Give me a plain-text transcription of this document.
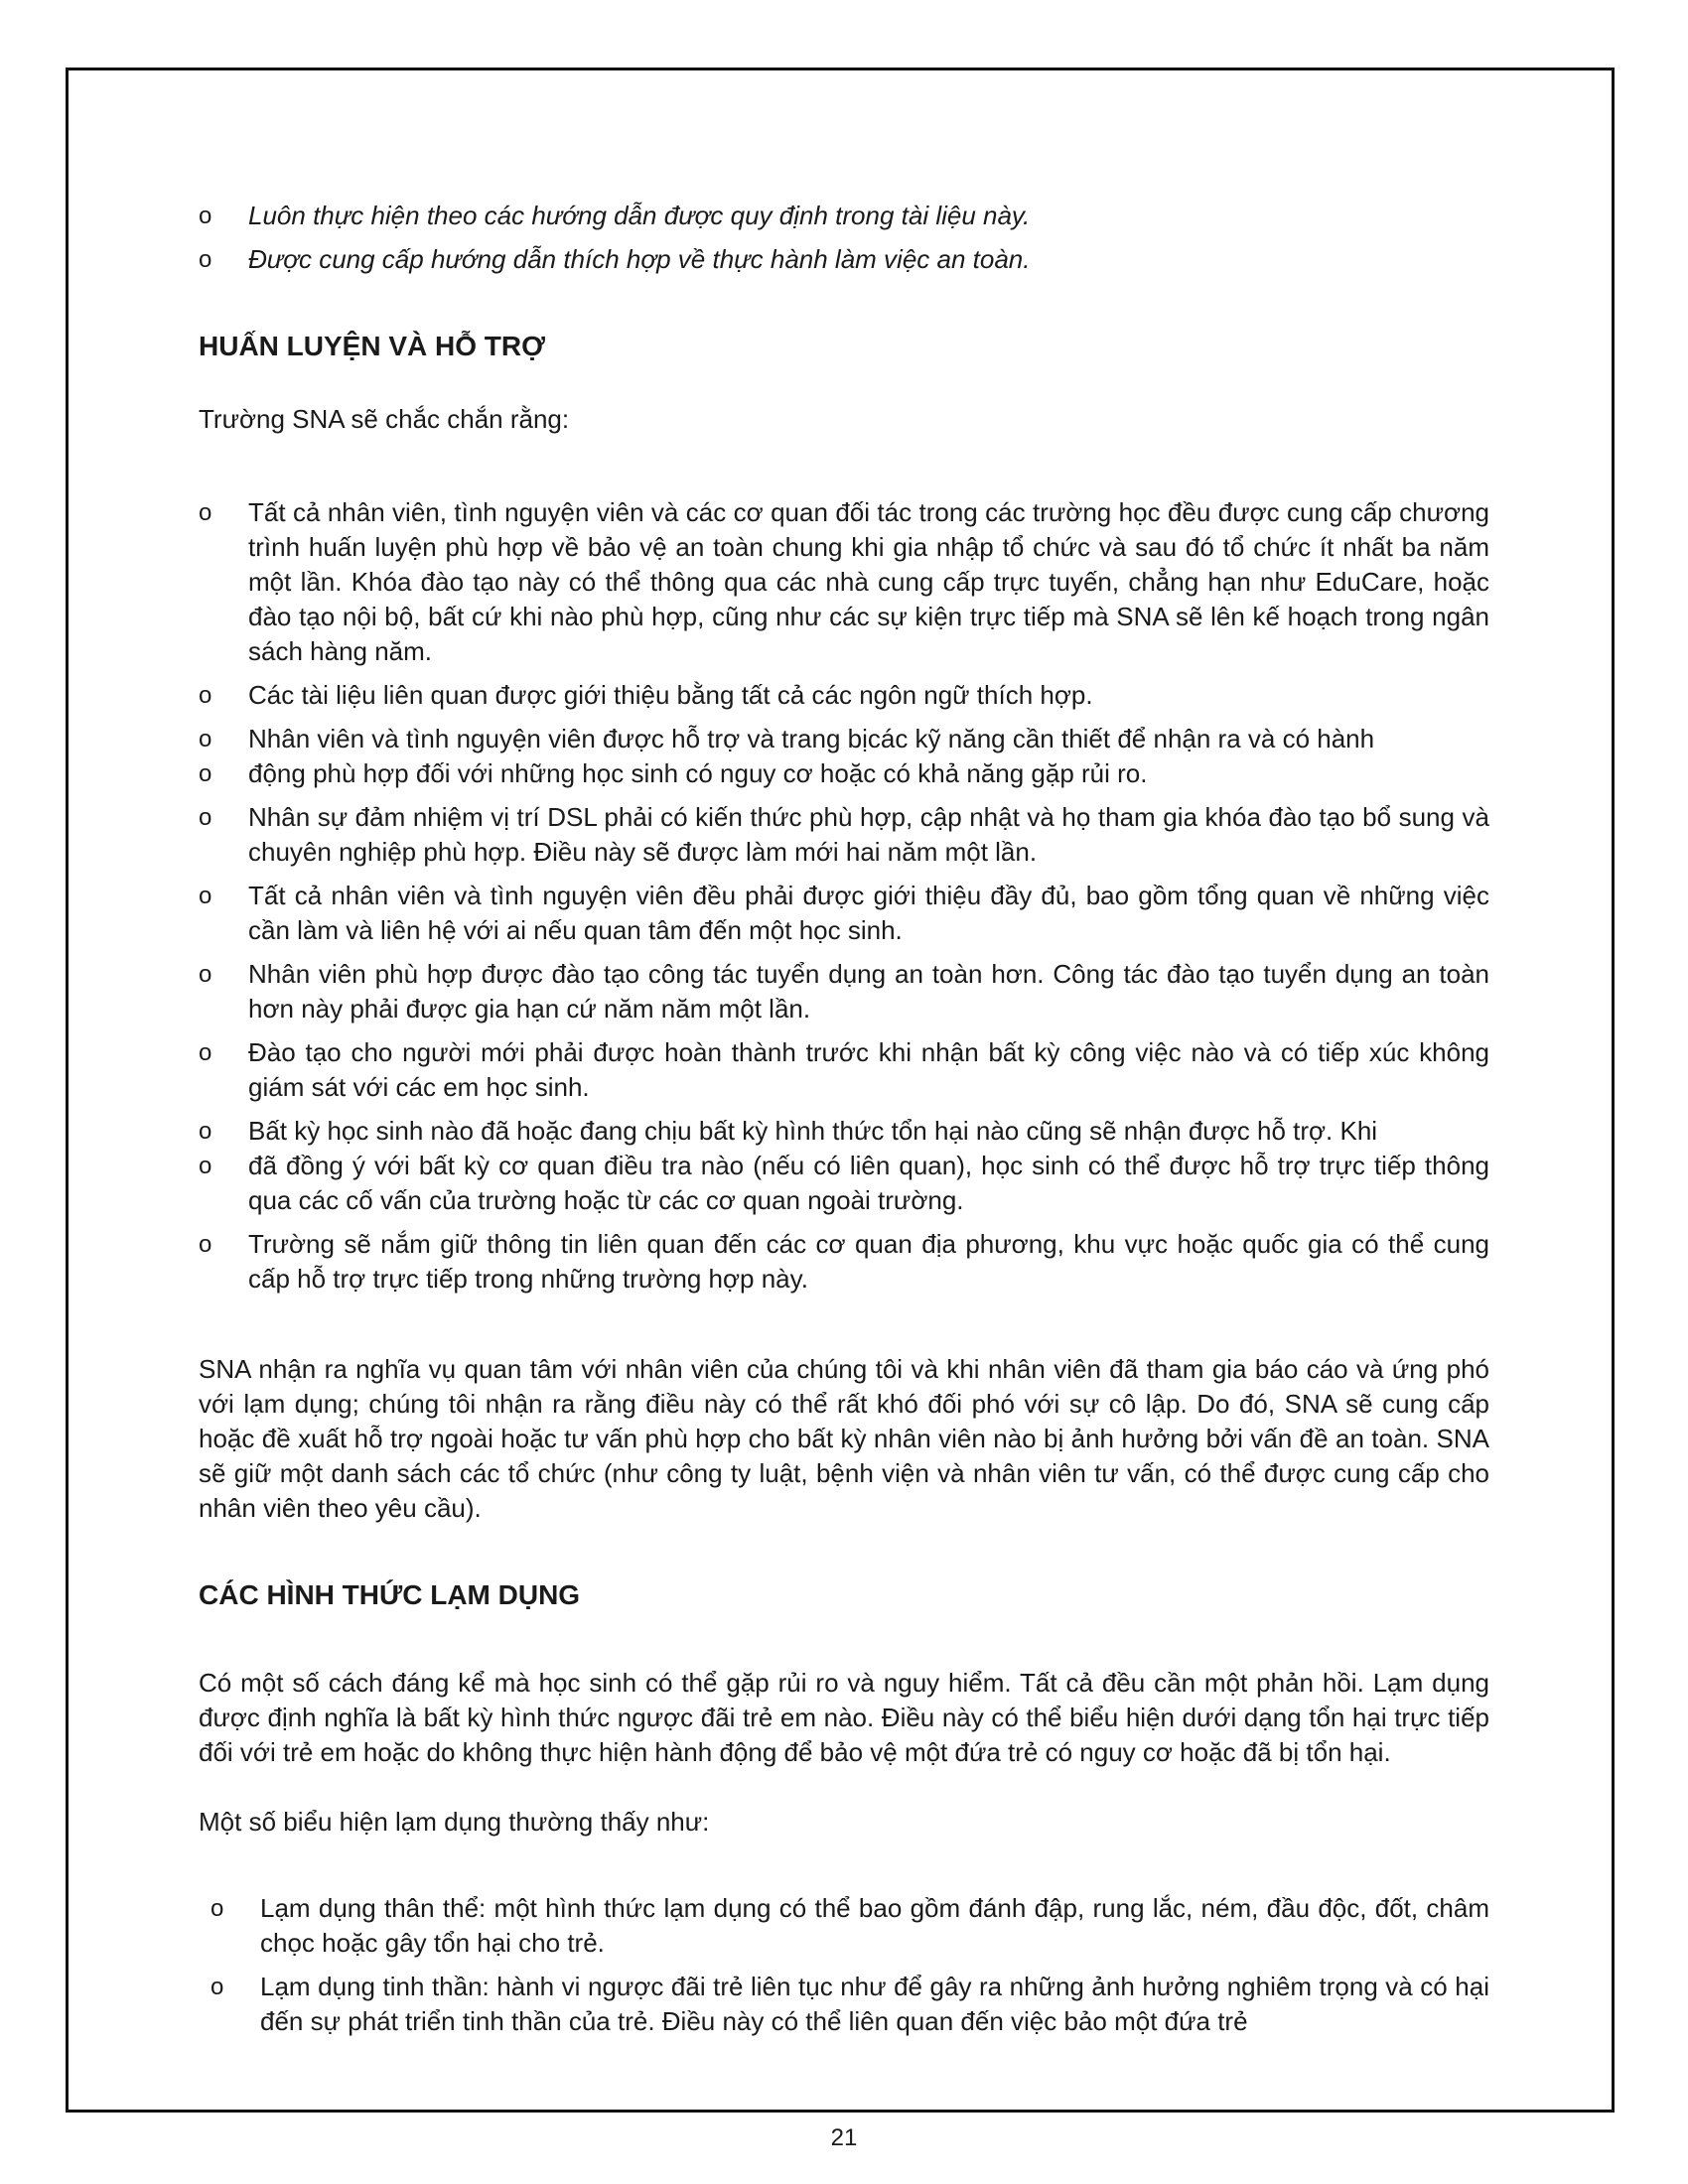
o Luôn thực hiện theo các hướng dẫn được quy định trong tài liệu này.
o Được cung cấp hướng dẫn thích hợp về thực hành làm việc an toàn.
HUẤN LUYỆN VÀ HỖ TRỢ

Trường SNA sẽ chắc chắn rằng:

o Tất cả nhân viên, tình nguyện viên và các cơ quan đối tác trong các trường học đều được cung cấp chương trình huấn luyện phù hợp về bảo vệ an toàn chung khi gia nhập tổ chức và sau đó tổ chức ít nhất ba năm một lần. Khóa đào tạo này có thể thông qua các nhà cung cấp trực tuyến, chẳng hạn như EduCare, hoặc đào tạo nội bộ, bất cứ khi nào phù hợp, cũng như các sự kiện trực tiếp mà SNA sẽ lên kế hoạch trong ngân sách hàng năm.
o Các tài liệu liên quan được giới thiệu bằng tất cả các ngôn ngữ thích hợp.
o Nhân viên và tình nguyện viên được hỗ trợ và trang bịcác kỹ năng cần thiết để nhận ra và có hành
o động phù hợp đối với những học sinh có nguy cơ hoặc có khả năng gặp rủi ro.
o Nhân sự đảm nhiệm vị trí DSL phải có kiến thức phù hợp, cập nhật và họ tham gia khóa đào tạo bổ sung và chuyên nghiệp phù hợp. Điều này sẽ được làm mới hai năm một lần.
o Tất cả nhân viên và tình nguyện viên đều phải được giới thiệu đầy đủ, bao gồm tổng quan về những việc cần làm và liên hệ với ai nếu quan tâm đến một học sinh.
o Nhân viên phù hợp được đào tạo công tác tuyển dụng an toàn hơn. Công tác đào tạo tuyển dụng an toàn hơn này phải được gia hạn cứ năm năm một lần.
o Đào tạo cho người mới phải được hoàn thành trước khi nhận bất kỳ công việc nào và có tiếp xúc không giám sát với các em học sinh.
o Bất kỳ học sinh nào đã hoặc đang chịu bất kỳ hình thức tổn hại nào cũng sẽ nhận được hỗ trợ. Khi
o đã đồng ý với bất kỳ cơ quan điều tra nào (nếu có liên quan), học sinh có thể được hỗ trợ trực tiếp thông qua các cố vấn của trường hoặc từ các cơ quan ngoài trường.
o Trường sẽ nắm giữ thông tin liên quan đến các cơ quan địa phương, khu vực hoặc quốc gia có thể cung cấp hỗ trợ trực tiếp trong những trường hợp này.

SNA nhận ra nghĩa vụ quan tâm với nhân viên của chúng tôi và khi nhân viên đã tham gia báo cáo và ứng phó với lạm dụng; chúng tôi nhận ra rằng điều này có thể rất khó đối phó với sự cô lập. Do đó, SNA sẽ cung cấp hoặc đề xuất hỗ trợ ngoài hoặc tư vấn phù hợp cho bất kỳ nhân viên nào bị ảnh hưởng bởi vấn đề an toàn. SNA sẽ giữ một danh sách các tổ chức (như công ty luật, bệnh viện và nhân viên tư vấn, có thể được cung cấp cho nhân viên theo yêu cầu).

CÁC HÌNH THỨC LẠM DỤNG

Có một số cách đáng kể mà học sinh có thể gặp rủi ro và nguy hiểm. Tất cả đều cần một phản hồi. Lạm dụng được định nghĩa là bất kỳ hình thức ngược đãi trẻ em nào. Điều này có thể biểu hiện dưới dạng tổn hại trực tiếp đối với trẻ em hoặc do không thực hiện hành động để bảo vệ một đứa trẻ có nguy cơ hoặc đã bị tổn hại.

Một số biểu hiện lạm dụng thường thấy như:

o Lạm dụng thân thể: một hình thức lạm dụng có thể bao gồm đánh đập, rung lắc, ném, đầu độc, đốt, châm chọc hoặc gây tổn hại cho trẻ.
o Lạm dụng tinh thần: hành vi ngược đãi trẻ liên tục như để gây ra những ảnh hưởng nghiêm trọng và có hại đến sự phát triển tinh thần của trẻ. Điều này có thể liên quan đến việc bảo một đứa trẻ
21
